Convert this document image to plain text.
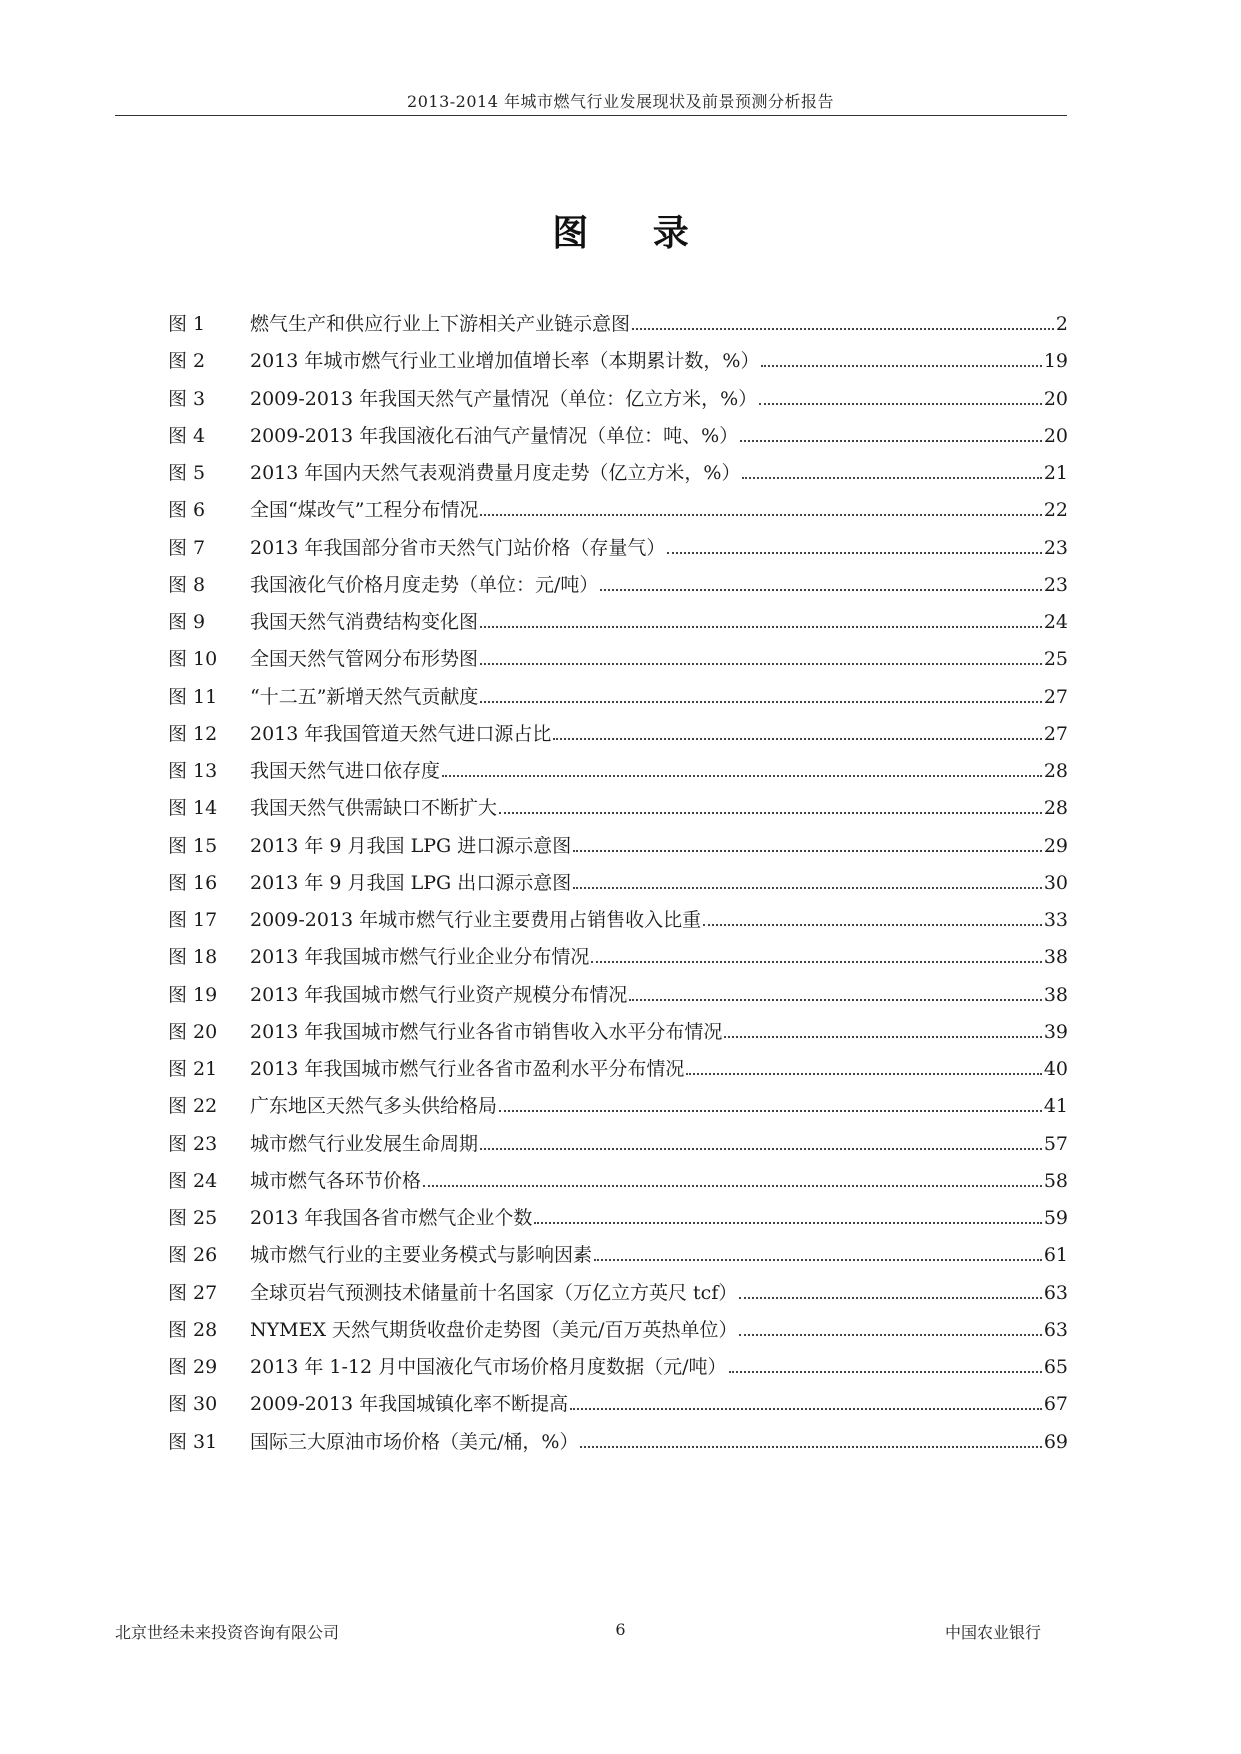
2013-2014 年城市燃气行业发展现状及前景预测分析报告
图 录
图 1	燃气生产和供应行业上下游相关产业链示意图	2
图 2	2013 年城市燃气行业工业增加值增长率（本期累计数，%）	19
图 3	2009-2013 年我国天然气产量情况（单位：亿立方米，%）	20
图 4	2009-2013 年我国液化石油气产量情况（单位：吨、%）	20
图 5	2013 年国内天然气表观消费量月度走势（亿立方米，%）	21
图 6	全国“煤改气”工程分布情况	22
图 7	2013 年我国部分省市天然气门站价格（存量气）	23
图 8	我国液化气价格月度走势（单位：元/吨）	23
图 9	我国天然气消费结构变化图	24
图 10	全国天然气管网分布形势图	25
图 11	“十二五”新增天然气贡献度	27
图 12	2013 年我国管道天然气进口源占比	27
图 13	我国天然气进口依存度	28
图 14	我国天然气供需缺口不断扩大	28
图 15	2013 年 9 月我国 LPG 进口源示意图	29
图 16	2013 年 9 月我国 LPG 出口源示意图	30
图 17	2009-2013 年城市燃气行业主要费用占销售收入比重	33
图 18	2013 年我国城市燃气行业企业分布情况	38
图 19	2013 年我国城市燃气行业资产规模分布情况	38
图 20	2013 年我国城市燃气行业各省市销售收入水平分布情况	39
图 21	2013 年我国城市燃气行业各省市盈利水平分布情况	40
图 22	广东地区天然气多头供给格局	41
图 23	城市燃气行业发展生命周期	57
图 24	城市燃气各环节价格	58
图 25	2013 年我国各省市燃气企业个数	59
图 26	城市燃气行业的主要业务模式与影响因素	61
图 27	全球页岩气预测技术储量前十名国家（万亿立方英尺 tcf）	63
图 28	NYMEX 天然气期货收盘价走势图（美元/百万英热单位）	63
图 29	2013 年 1-12 月中国液化气市场价格月度数据（元/吨）	65
图 30	2009-2013 年我国城镇化率不断提高	67
图 31	国际三大原油市场价格（美元/桶，%）	69
北京世经未来投资咨询有限公司	6	中国农业银行
